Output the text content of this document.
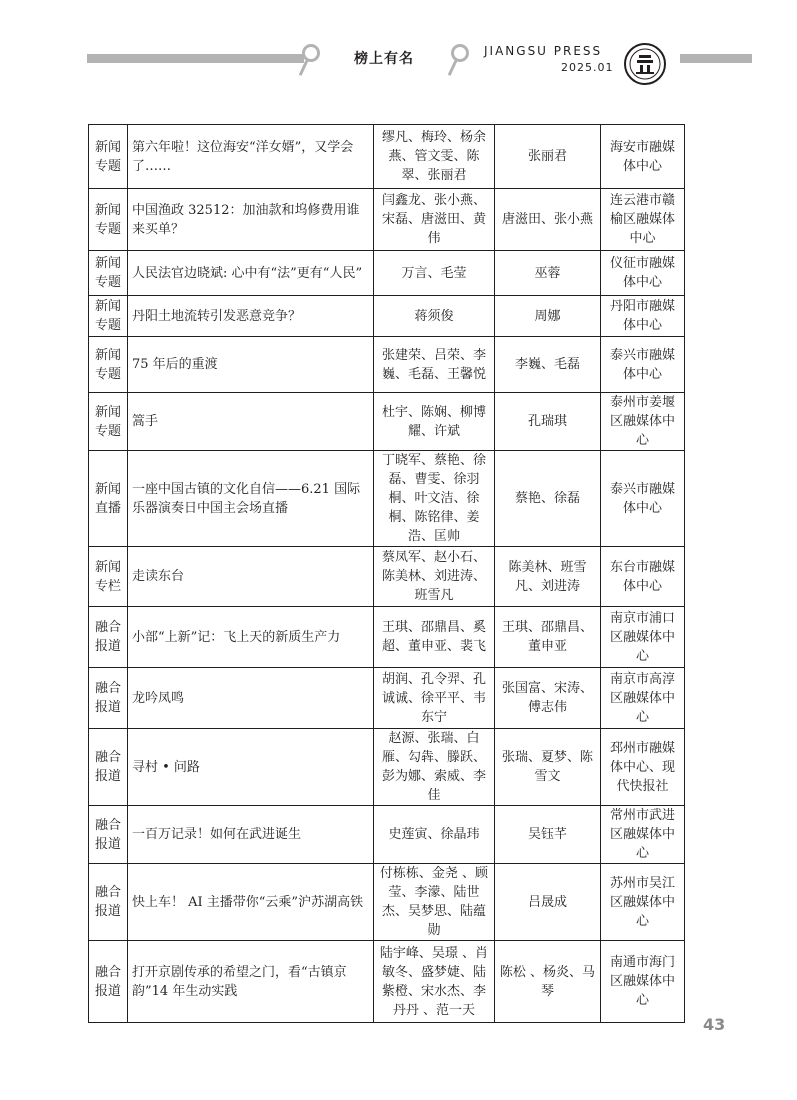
榜上有名	JIANGSU PRESS
2025.01
新闻专题	第六年啦！这位海安“洋女婿”，又学会了……	缪凡、梅玲、杨余燕、管文雯、陈翠、张丽君	张丽君	海安市融媒体中心
新闻专题	中国渔政 32512：加油款和坞修费用谁来买单？	闫鑫龙、张小燕、宋磊、唐滋田、黄伟	唐滋田、张小燕	连云港市赣榆区融媒体中心
新闻专题	人民法官边晓斌: 心中有“法”更有“人民”	万言、毛莹	巫蓉	仪征市融媒体中心
新闻专题	丹阳土地流转引发恶意竞争？	蒋须俊	周娜	丹阳市融媒体中心
新闻专题	75 年后的重渡	张建荣、吕荣、李巍、毛磊、王馨悦	李巍、毛磊	泰兴市融媒体中心
新闻专题	篙手	杜宇、陈娴、柳博耀、许斌	孔瑞琪	泰州市姜堰区融媒体中心
新闻直播	一座中国古镇的文化自信——6.21 国际乐器演奏日中国主会场直播	丁晓军、蔡艳、徐磊、曹雯、徐羽桐、叶文洁、徐桐、陈铭律、姜浩、匡帅	蔡艳、徐磊	泰兴市融媒体中心
新闻专栏	走读东台	蔡凤军、赵小石、陈美林、刘进涛、班雪凡	陈美林、班雪凡、刘进涛	东台市融媒体中心
融合报道	小部“上新”记：飞上天的新质生产力	王琪、邵鼎昌、奚超、董申亚、裴飞	王琪、邵鼎昌、董申亚	南京市浦口区融媒体中心
融合报道	龙吟凤鸣	胡润、孔令羿、孔诚诚、徐平平、韦东宁	张国富、宋涛、傅志伟	南京市高淳区融媒体中心
融合报道	寻村 • 问路	赵源、张瑞、白雁、勾犇、滕跃、彭为娜、索威、李佳	张瑞、夏梦、陈雪文	邳州市融媒体中心、现代快报社
融合报道	一百万记录！如何在武进诞生	史莲寅、徐晶玮	吴钰芊	常州市武进区融媒体中心
融合报道	快上车！ AI 主播带你“云乘”沪苏湖高铁	付栋栋、金尧 、顾莹、李濛、陆世杰、吴梦思、陆蕴勋	吕晟成	苏州市吴江区融媒体中心
融合报道	打开京剧传承的希望之门，看“古镇京韵”14 年生动实践	陆宇峰、吴璟 、肖敏冬、盛梦婕、陆紫橙、宋水杰、李丹丹 、范一天	陈松 、杨炎、马琴	南通市海门区融媒体中心
43
